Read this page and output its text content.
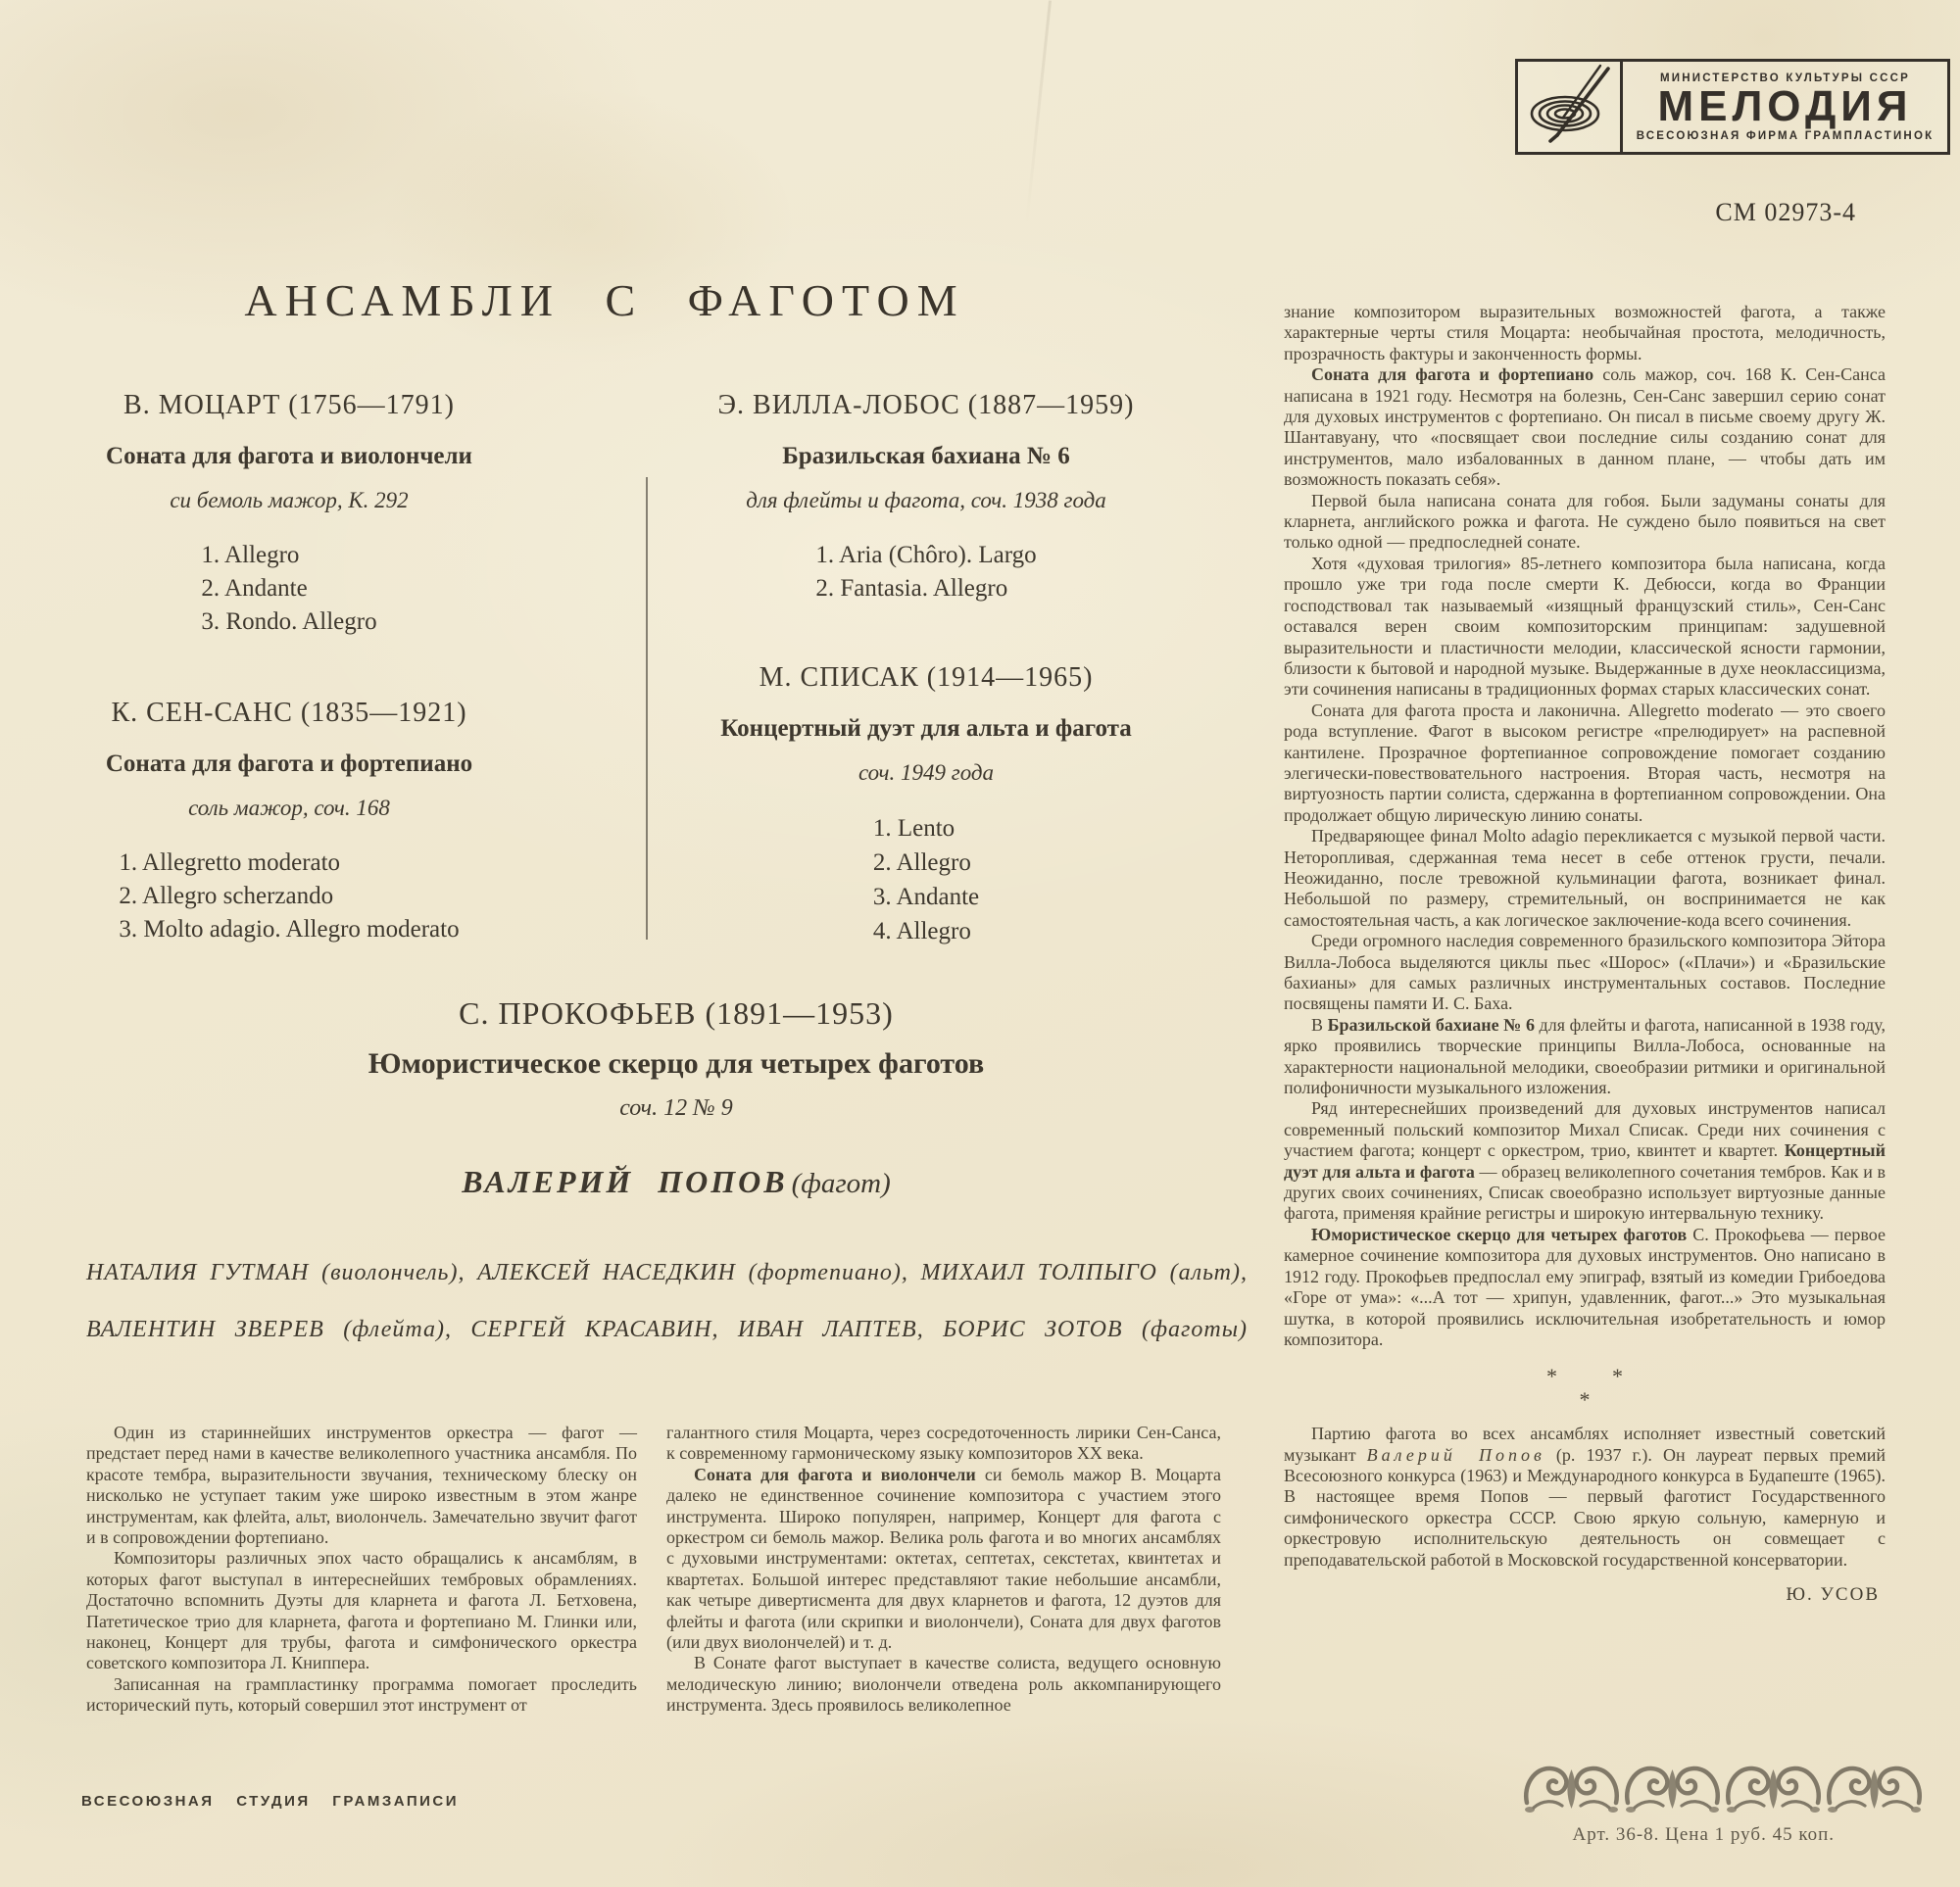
МИНИСТЕРСТВО КУЛЬТУРЫ СССР
МЕЛОДИЯ
ВСЕСОЮЗНАЯ ФИРМА ГРАМПЛАСТИНОК
СМ 02973-4
АНСАМБЛИ С ФАГОТОМ

В. МОЦАРТ (1756—1791)

Соната для фагота и виолончели

си бемоль мажор, К. 292

1. Allegro
2. Andante
3. Rondo. Allegro

К. СЕН-САНС (1835—1921)

Соната для фагота и фортепиано

соль мажор, соч. 168

1. Allegretto moderato
2. Allegro scherzando
3. Molto adagio. Allegro moderato

Э. ВИЛЛА-ЛОБОС (1887—1959)

Бразильская бахиана № 6

для флейты и фагота, соч. 1938 года

1. Aria (Chôro). Largo
2. Fantasia. Allegro

М. СПИСАК (1914—1965)

Концертный дуэт для альта и фагота

соч. 1949 года

1. Lento
2. Allegro
3. Andante
4. Allegro

С. ПРОКОФЬЕВ (1891—1953)

Юмористическое скерцо для четырех фаготов

соч. 12 № 9

ВАЛЕРИЙ ПОПОВ (фагот)
НАТАЛИЯ ГУТМАН (виолончель), АЛЕКСЕЙ НАСЕДКИН (фортепиано), МИХАИЛ ТОЛПЫГО (альт),
ВАЛЕНТИН ЗВЕРЕВ (флейта), СЕРГЕЙ КРАСАВИН, ИВАН ЛАПТЕВ, БОРИС ЗОТОВ (фаготы)

Один из стариннейших инструментов оркестра — фагот — предстает перед нами в качестве великолепного участника ансамбля. По красоте тембра, выразительности звучания, техническому блеску он нисколько не уступает таким уже широко известным в этом жанре инструментам, как флейта, альт, виолончель. Замечательно звучит фагот и в сопровождении фортепиано.

Композиторы различных эпох часто обращались к ансамблям, в которых фагот выступал в интереснейших тембровых обрамлениях. Достаточно вспомнить Дуэты для кларнета и фагота Л. Бетховена, Патетическое трио для кларнета, фагота и фортепиано М. Глинки или, наконец, Концерт для трубы, фагота и симфонического оркестра советского композитора Л. Книппера.

Записанная на грампластинку программа помогает проследить исторический путь, который совершил этот инструмент от

галантного стиля Моцарта, через сосредоточенность лирики Сен-Санса, к современному гармоническому языку композиторов XX века.

Соната для фагота и виолончели си бемоль мажор В. Моцарта далеко не единственное сочинение композитора с участием этого инструмента. Широко популярен, например, Концерт для фагота с оркестром си бемоль мажор. Велика роль фагота и во многих ансамблях с духовыми инструментами: октетах, септетах, секстетах, квинтетах и квартетах. Большой интерес представляют такие небольшие ансамбли, как четыре дивертисмента для двух кларнетов и фагота, 12 дуэтов для флейты и фагота (или скрипки и виолончели), Соната для двух фаготов (или двух виолончелей) и т. д.

В Сонате фагот выступает в качестве солиста, ведущего основную мелодическую линию; виолончели отведена роль аккомпанирующего инструмента. Здесь проявилось великолепное

знание композитором выразительных возможностей фагота, а также характерные черты стиля Моцарта: необычайная простота, мелодичность, прозрачность фактуры и законченность формы.

Соната для фагота и фортепиано соль мажор, соч. 168 К. Сен-Санса написана в 1921 году. Несмотря на болезнь, Сен-Санс завершил серию сонат для духовых инструментов с фортепиано. Он писал в письме своему другу Ж. Шантавуану, что «посвящает свои последние силы созданию сонат для инструментов, мало избалованных в данном плане, — чтобы дать им возможность показать себя».

Первой была написана соната для гобоя. Были задуманы сонаты для кларнета, английского рожка и фагота. Не суждено было появиться на свет только одной — предпоследней сонате.

Хотя «духовая трилогия» 85-летнего композитора была написана, когда прошло уже три года после смерти К. Дебюсси, когда во Франции господствовал так называемый «изящный французский стиль», Сен-Санс оставался верен своим композиторским принципам: задушевной выразительности и пластичности мелодии, классической ясности гармонии, близости к бытовой и народной музыке. Выдержанные в духе неоклассицизма, эти сочинения написаны в традиционных формах старых классических сонат.

Соната для фагота проста и лаконична. Allegretto moderato — это своего рода вступление. Фагот в высоком регистре «прелюдирует» на распевной кантилене. Прозрачное фортепианное сопровождение помогает созданию элегически-повествовательного настроения. Вторая часть, несмотря на виртуозность партии солиста, сдержанна в фортепианном сопровождении. Она продолжает общую лирическую линию сонаты.

Предваряющее финал Molto adagio перекликается с музыкой первой части. Неторопливая, сдержанная тема несет в себе оттенок грусти, печали. Неожиданно, после тревожной кульминации фагота, возникает финал. Небольшой по размеру, стремительный, он воспринимается не как самостоятельная часть, а как логическое заключение-кода всего сочинения.

Среди огромного наследия современного бразильского композитора Эйтора Вилла-Лобоса выделяются циклы пьес «Шорос» («Плачи») и «Бразильские бахианы» для самых различных инструментальных составов. Последние посвящены памяти И. С. Баха.

В Бразильской бахиане № 6 для флейты и фагота, написанной в 1938 году, ярко проявились творческие принципы Вилла-Лобоса, основанные на характерности национальной мелодики, своеобразии ритмики и оригинальной полифоничности музыкального изложения.

Ряд интереснейших произведений для духовых инструментов написал современный польский композитор Михал Списак. Среди них сочинения с участием фагота; концерт с оркестром, трио, квинтет и квартет. Концертный дуэт для альта и фагота — образец великолепного сочетания тембров. Как и в других своих сочинениях, Списак своеобразно использует виртуозные данные фагота, применяя крайние регистры и широкую интервальную технику.

Юмористическое скерцо для четырех фаготов С. Прокофьева — первое камерное сочинение композитора для духовых инструментов. Оно написано в 1912 году. Прокофьев предпослал ему эпиграф, взятый из комедии Грибоедова «Горе от ума»: «...А тот — хрипун, удавленник, фагот...» Это музыкальная шутка, в которой проявились исключительная изобретательность и юмор композитора.

*	*
*

Партию фагота во всех ансамблях исполняет известный советский музыкант Валерий Попов (р. 1937 г.). Он лауреат первых премий Всесоюзного конкурса (1963) и Международного конкурса в Будапеште (1965). В настоящее время Попов — первый фаготист Государственного симфонического оркестра СССР. Свою яркую сольную, камерную и оркестровую исполнительскую деятельность он совмещает с преподавательской работой в Московской государственной консерватории.

Ю. УСОВ
ВСЕСОЮЗНАЯ СТУДИЯ ГРАМЗАПИСИ
Арт. 36-8. Цена 1 руб. 45 коп.
